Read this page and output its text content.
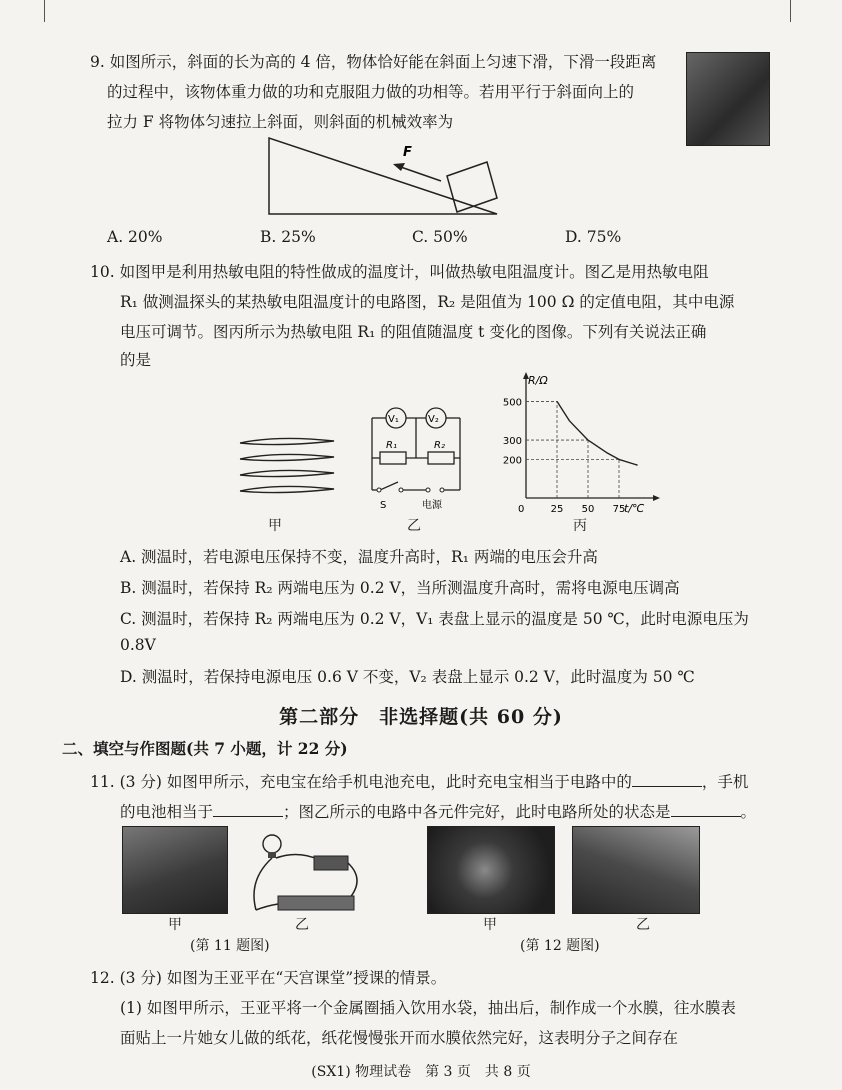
9. 如图所示，斜面的长为高的 4 倍，物体恰好能在斜面上匀速下滑，下滑一段距离
的过程中，该物体重力做的功和克服阻力做的功相等。若用平行于斜面向上的
拉力 F 将物体匀速拉上斜面，则斜面的机械效率为
F
A. 20%	B. 25%	C. 50%	D. 75%
10. 如图甲是利用热敏电阻的特性做成的温度计，叫做热敏电阻温度计。图乙是用热敏电阻
R₁ 做测温探头的某热敏电阻温度计的电路图，R₂ 是阻值为 100 Ω 的定值电阻，其中电源
电压可调节。图丙所示为热敏电阻 R₁ 的阻值随温度 t 变化的图像。下列有关说法正确
的是
甲
V₁	V₂
R₁	R₂
S	电源
乙
R/Ω
t/℃
0
200
300
500
25 50 75
丙
A. 测温时，若电源电压保持不变，温度升高时，R₁ 两端的电压会升高
B. 测温时，若保持 R₂ 两端电压为 0.2 V，当所测温度升高时，需将电源电压调高
C. 测温时，若保持 R₂ 两端电压为 0.2 V，V₁ 表盘上显示的温度是 50 ℃，此时电源电压为
0.8V
D. 测温时，若保持电源电压 0.6 V 不变，V₂ 表盘上显示 0.2 V，此时温度为 50 ℃
第二部分　非选择题(共 60 分)
二、填空与作图题(共 7 小题，计 22 分)
11. (3 分) 如图甲所示，充电宝在给手机电池充电，此时充电宝相当于电路中的	，手机
的电池相当于	；图乙所示的电路中各元件完好，此时电路所处的状态是	。
甲	乙
(第 11 题图)
甲	乙
(第 12 题图)
12. (3 分) 如图为王亚平在“天宫课堂”授课的情景。
(1) 如图甲所示，王亚平将一个金属圈插入饮用水袋，抽出后，制作成一个水膜，往水膜表
面贴上一片她女儿做的纸花，纸花慢慢张开而水膜依然完好，这表明分子之间存在
(SX1) 物理试卷　第 3 页　共 8 页
